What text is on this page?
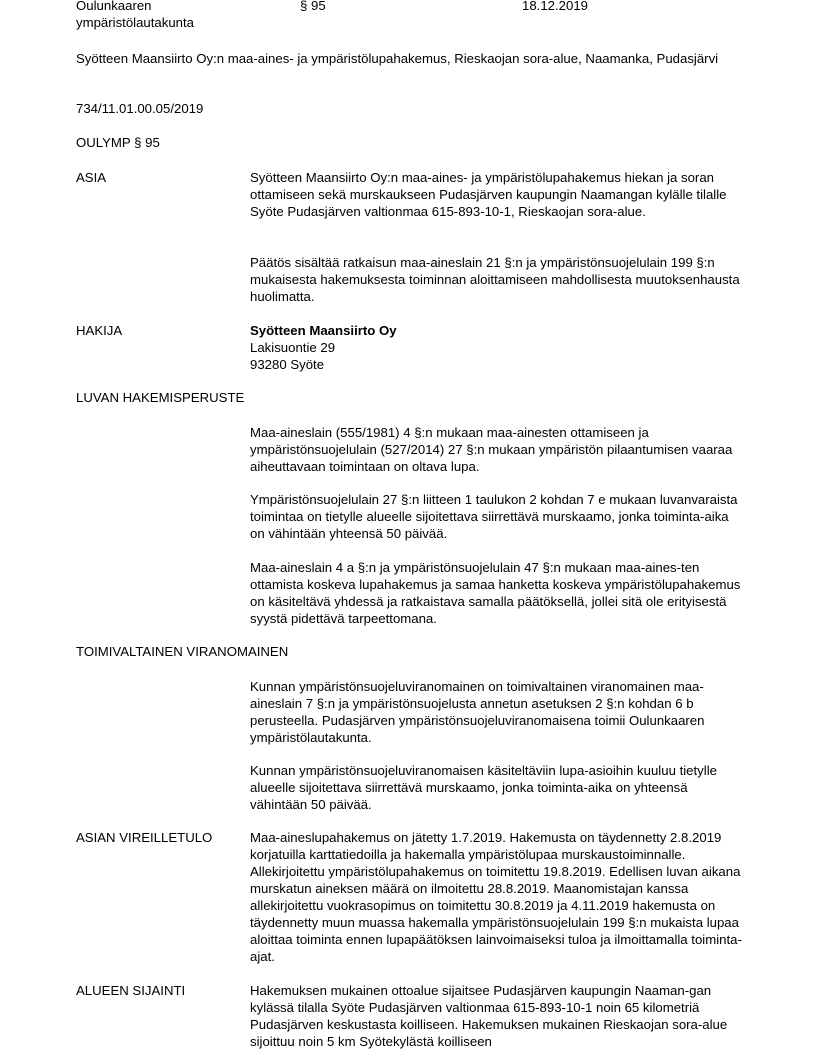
Oulunkaaren

ympäristölautakunta

§ 95	18.12.2019
Syötteen Maansiirto Oy:n maa-aines- ja ympäristölupahakemus, Rieskaojan sora-alue, Naamanka, Pudasjärvi
734/11.01.00.05/2019
OULYMP § 95
ASIA	Syötteen Maansiirto Oy:n maa-aines- ja ympäristölupahakemus hiekan ja soran ottamiseen sekä murskaukseen Pudasjärven kaupungin Naamangan kylälle tilalle Syöte Pudasjärven valtionmaa 615-893-10-1, Rieskaojan sora-alue.
Päätös sisältää ratkaisun maa-aineslain 21 §:n ja ympäristönsuojelulain 199 §:n mukaisesta hakemuksesta toiminnan aloittamiseen mahdollisesta muutoksenhausta huolimatta.
HAKIJA	Syötteen Maansiirto Oy

Lakisuontie 29

93280 Syöte

LUVAN HAKEMISPERUSTE
Maa-aineslain (555/1981) 4 §:n mukaan maa-ainesten ottamiseen ja ympäristönsuojelulain (527/2014) 27 §:n mukaan ympäristön pilaantumisen vaaraa aiheuttavaan toimintaan on oltava lupa.
Ympäristönsuojelulain 27 §:n liitteen 1 taulukon 2 kohdan 7 e mukaan luvanvaraista toimintaa on tietylle alueelle sijoitettava siirrettävä murskaamo, jonka toiminta-aika on vähintään yhteensä 50 päivää.
Maa-aineslain 4 a §:n ja ympäristönsuojelulain 47 §:n mukaan maa-aines-ten ottamista koskeva lupahakemus ja samaa hanketta koskeva ympäristölupahakemus on käsiteltävä yhdessä ja ratkaistava samalla päätöksellä, jollei sitä ole erityisestä syystä pidettävä tarpeettomana.
TOIMIVALTAINEN VIRANOMAINEN
Kunnan ympäristönsuojeluviranomainen on toimivaltainen viranomainen maa-aineslain 7 §:n ja ympäristönsuojelusta annetun asetuksen 2 §:n kohdan 6 b perusteella. Pudasjärven ympäristönsuojeluviranomaisena toimii Oulunkaaren ympäristölautakunta.
Kunnan ympäristönsuojeluviranomaisen käsiteltäviin lupa-asioihin kuuluu tietylle alueelle sijoitettava siirrettävä murskaamo, jonka toiminta-aika on yhteensä vähintään 50 päivää.
ASIAN VIREILLETULO	Maa-aineslupahakemus on jätetty 1.7.2019. Hakemusta on täydennetty 2.8.2019 korjatuilla karttatiedoilla ja hakemalla ympäristölupaa murskaustoiminnalle. Allekirjoitettu ympäristölupahakemus on toimitettu 19.8.2019. Edellisen luvan aikana murskatun aineksen määrä on ilmoitettu 28.8.2019. Maanomistajan kanssa allekirjoitettu vuokrasopimus on toimitettu 30.8.2019 ja 4.11.2019 hakemusta on täydennetty muun muassa hakemalla ympäristönsuojelulain 199 §:n mukaista lupaa aloittaa toiminta ennen lupapäätöksen lainvoimaiseksi tuloa ja ilmoittamalla toiminta-ajat.
ALUEEN SIJAINTI	Hakemuksen mukainen ottoalue sijaitsee Pudasjärven kaupungin Naaman-gan kylässä tilalla Syöte Pudasjärven valtionmaa 615-893-10-1 noin 65 kilometriä Pudasjärven keskustasta koilliseen. Hakemuksen mukainen Rieskaojan sora-alue sijoittuu noin 5 km Syötekylästä koilliseen
